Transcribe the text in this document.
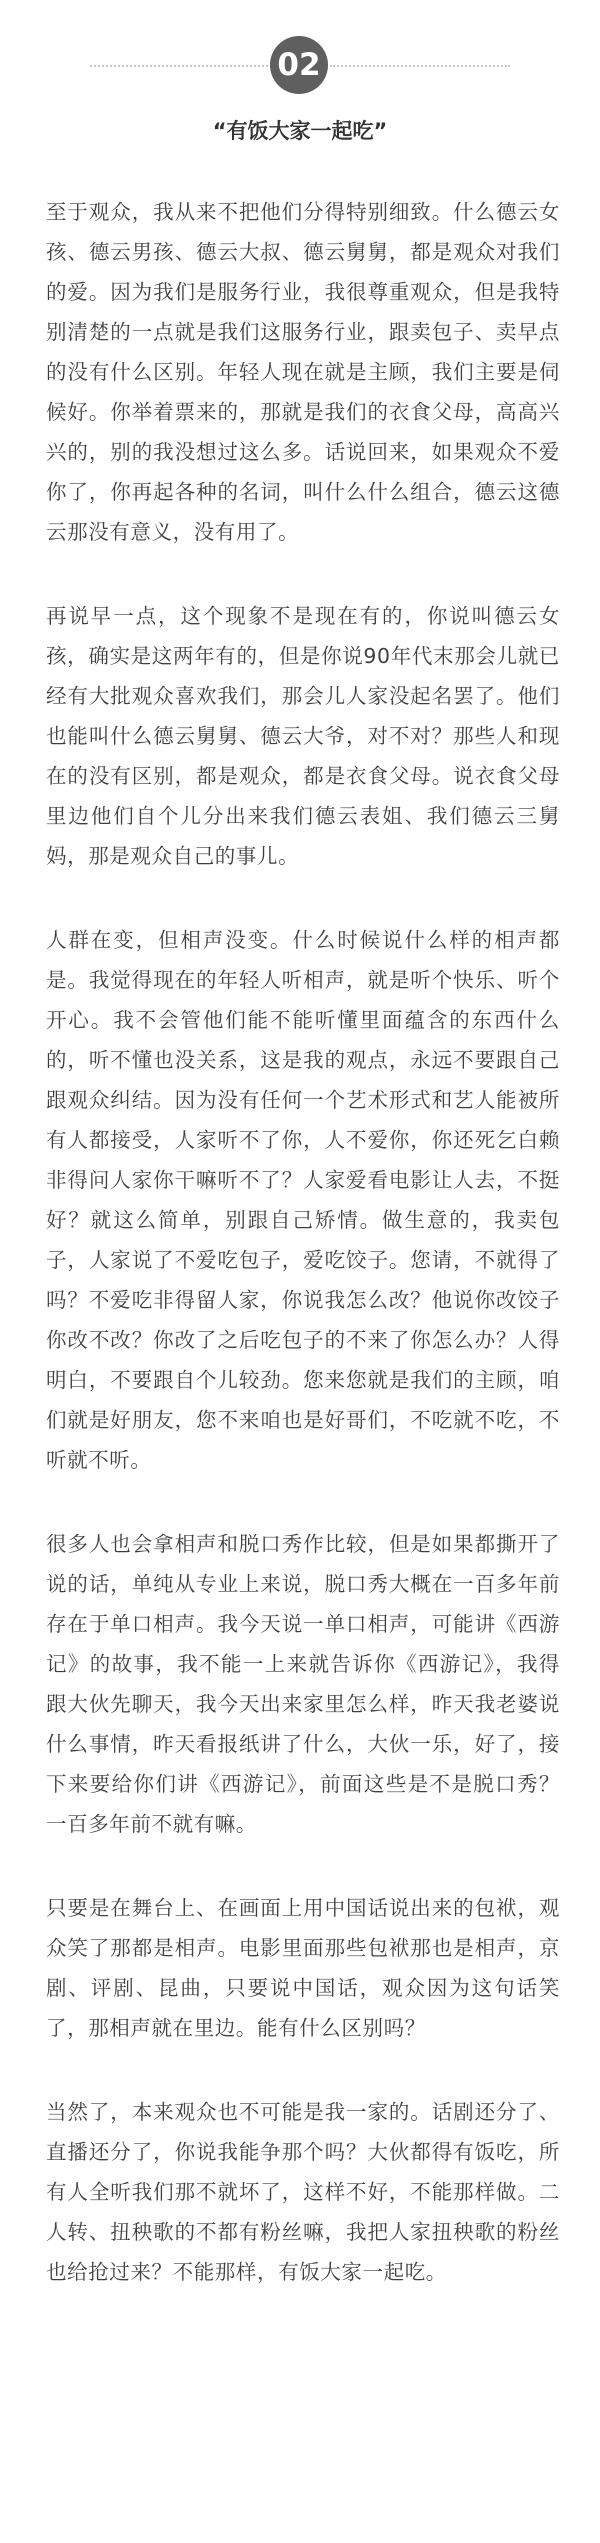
02
“有饭大家一起吃”

至于观众，我从来不把他们分得特别细致。什么德云女孩、德云男孩、德云大叔、德云舅舅，都是观众对我们的爱。因为我们是服务行业，我很尊重观众，但是我特别清楚的一点就是我们这服务行业，跟卖包子、卖早点的没有什么区别。年轻人现在就是主顾，我们主要是伺候好。你举着票来的，那就是我们的衣食父母，高高兴兴的，别的我没想过这么多。话说回来，如果观众不爱你了，你再起各种的名词，叫什么什么组合，德云这德云那没有意义，没有用了。

再说早一点，这个现象不是现在有的，你说叫德云女孩，确实是这两年有的，但是你说90年代末那会儿就已经有大批观众喜欢我们，那会儿人家没起名罢了。他们也能叫什么德云舅舅、德云大爷，对不对？那些人和现在的没有区别，都是观众，都是衣食父母。说衣食父母里边他们自个儿分出来我们德云表姐、我们德云三舅妈，那是观众自己的事儿。

人群在变，但相声没变。什么时候说什么样的相声都是。我觉得现在的年轻人听相声，就是听个快乐、听个开心。我不会管他们能不能听懂里面蕴含的东西什么的，听不懂也没关系，这是我的观点，永远不要跟自己跟观众纠结。因为没有任何一个艺术形式和艺人能被所有人都接受，人家听不了你，人不爱你，你还死乞白赖非得问人家你干嘛听不了？人家爱看电影让人去，不挺好？就这么简单，别跟自己矫情。做生意的，我卖包子，人家说了不爱吃包子，爱吃饺子。您请，不就得了吗？不爱吃非得留人家，你说我怎么改？他说你改饺子你改不改？你改了之后吃包子的不来了你怎么办？人得明白，不要跟自个儿较劲。您来您就是我们的主顾，咱们就是好朋友，您不来咱也是好哥们，不吃就不吃，不听就不听。

很多人也会拿相声和脱口秀作比较，但是如果都撕开了说的话，单纯从专业上来说，脱口秀大概在一百多年前存在于单口相声。我今天说一单口相声，可能讲《西游记》的故事，我不能一上来就告诉你《西游记》，我得跟大伙先聊天，我今天出来家里怎么样，昨天我老婆说什么事情，昨天看报纸讲了什么，大伙一乐，好了，接下来要给你们讲《西游记》，前面这些是不是脱口秀？一百多年前不就有嘛。

只要是在舞台上、在画面上用中国话说出来的包袱，观众笑了那都是相声。电影里面那些包袱那也是相声，京剧、评剧、昆曲，只要说中国话，观众因为这句话笑了，那相声就在里边。能有什么区别吗？

当然了，本来观众也不可能是我一家的。话剧还分了、直播还分了，你说我能争那个吗？大伙都得有饭吃，所有人全听我们那不就坏了，这样不好，不能那样做。二人转、扭秧歌的不都有粉丝嘛，我把人家扭秧歌的粉丝也给抢过来？不能那样，有饭大家一起吃。
